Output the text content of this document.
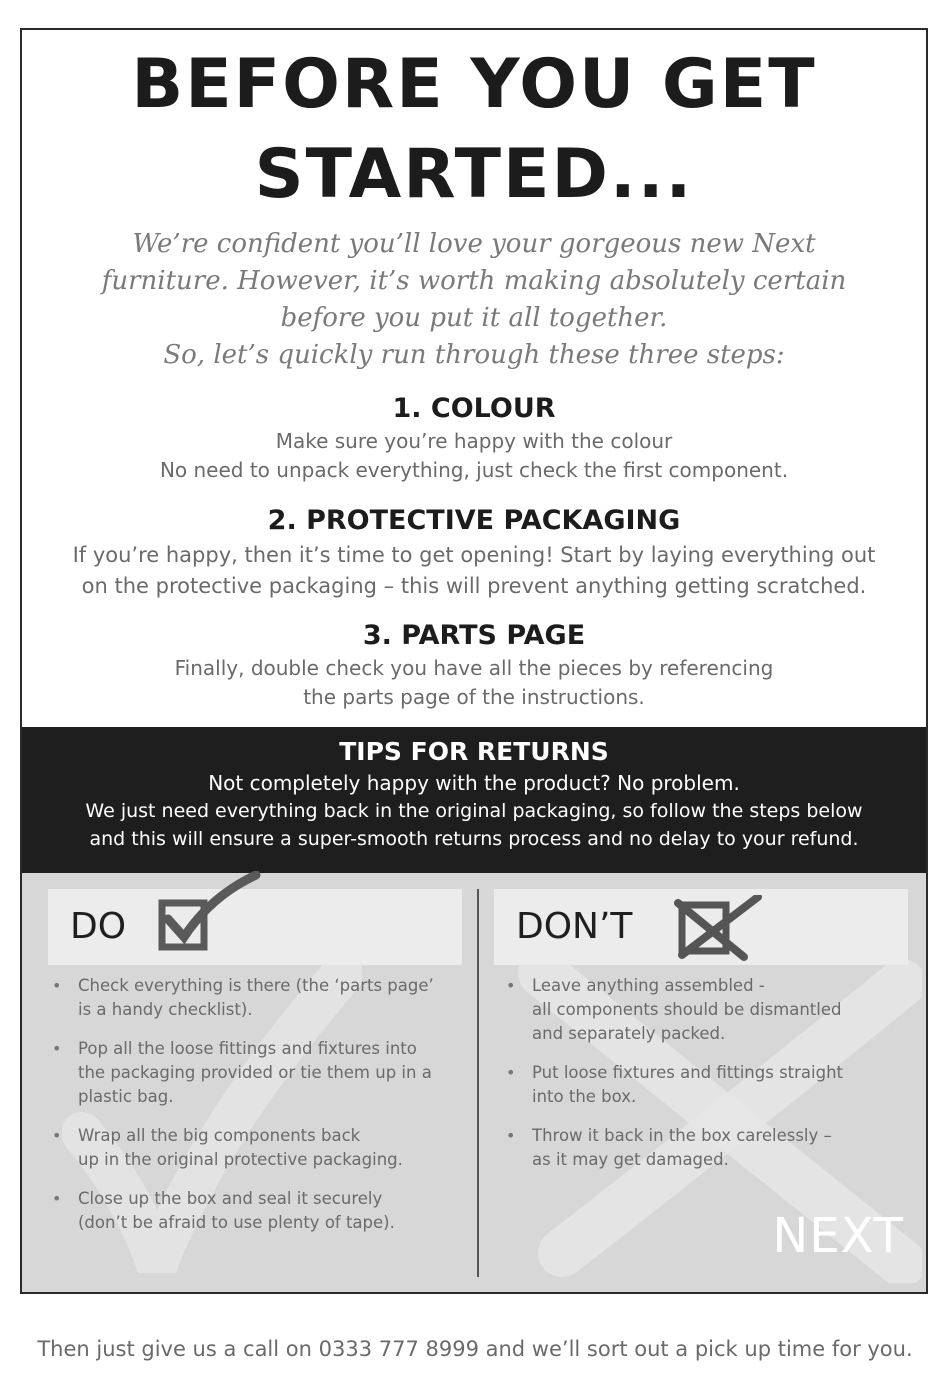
BEFORE YOU GET
STARTED...

We’re confident you’ll love your gorgeous new Next
furniture. However, it’s worth making absolutely certain
before you put it all together.
So, let’s quickly run through these three steps:

1. COLOUR

Make sure you’re happy with the colour
No need to unpack everything, just check the first component.

2. PROTECTIVE PACKAGING

If you’re happy, then it’s time to get opening! Start by laying everything out
on the protective packaging – this will prevent anything getting scratched.

3. PARTS PAGE

Finally, double check you have all the pieces by referencing
the parts page of the instructions.

TIPS FOR RETURNS

Not completely happy with the product? No problem.

We just need everything back in the original packaging, so follow the steps below

and this will ensure a super-smooth returns process and no delay to your refund.

DO	DON’T
• Check everything is there (the ‘parts page’
is a handy checklist).
• Pop all the loose fittings and fixtures into
the packaging provided or tie them up in a
plastic bag.
• Wrap all the big components back
up in the original protective packaging.
• Close up the box and seal it securely
(don’t be afraid to use plenty of tape).
• Leave anything assembled -
all components should be dismantled
and separately packed.
• Put loose fixtures and fittings straight
into the box.
• Throw it back in the box carelessly –
as it may get damaged.
NEXT

Then just give us a call on 0333 777 8999 and we’ll sort out a pick up time for you.
